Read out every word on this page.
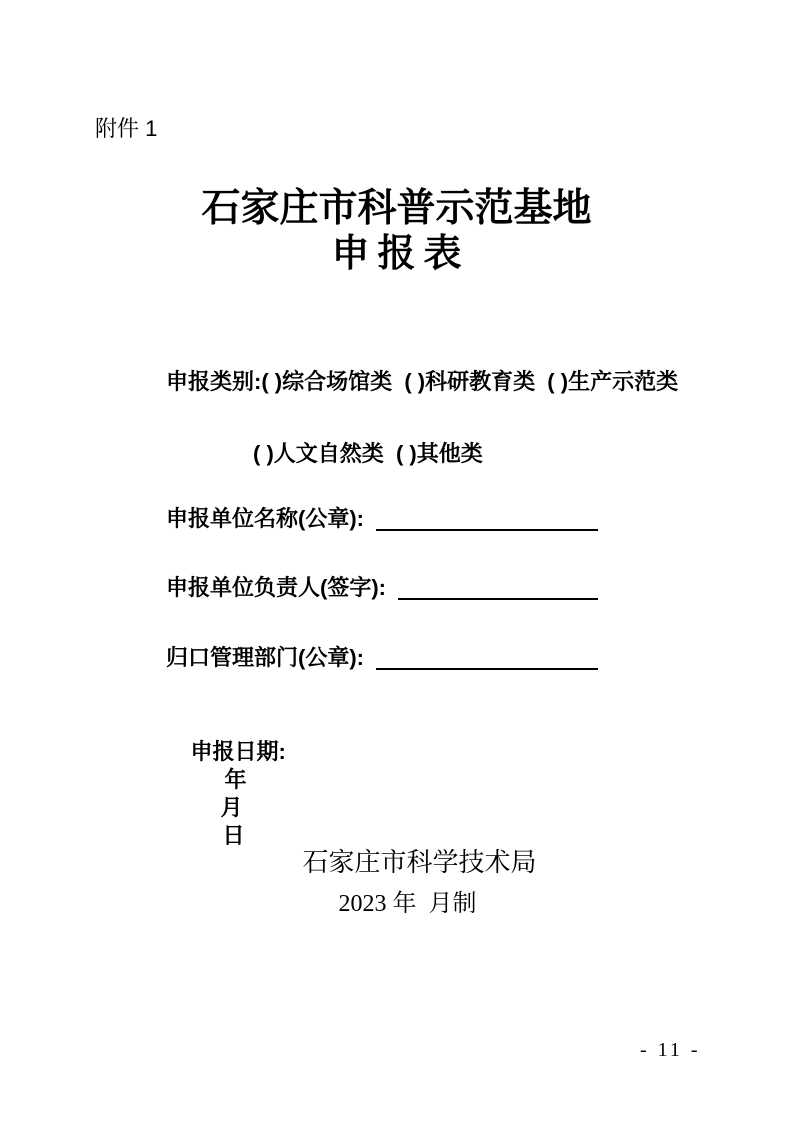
附件 1
石家庄市科普示范基地
申报表
申报类别:( )综合场馆类  ( )科研教育类  ( )生产示范类
( )人文自然类  ( )其他类
申报单位名称(公章):
申报单位负责人(签字):
归口管理部门(公章):

申报日期:
年
月
日

石家庄市科学技术局
2023 年  月制
- 11 -
